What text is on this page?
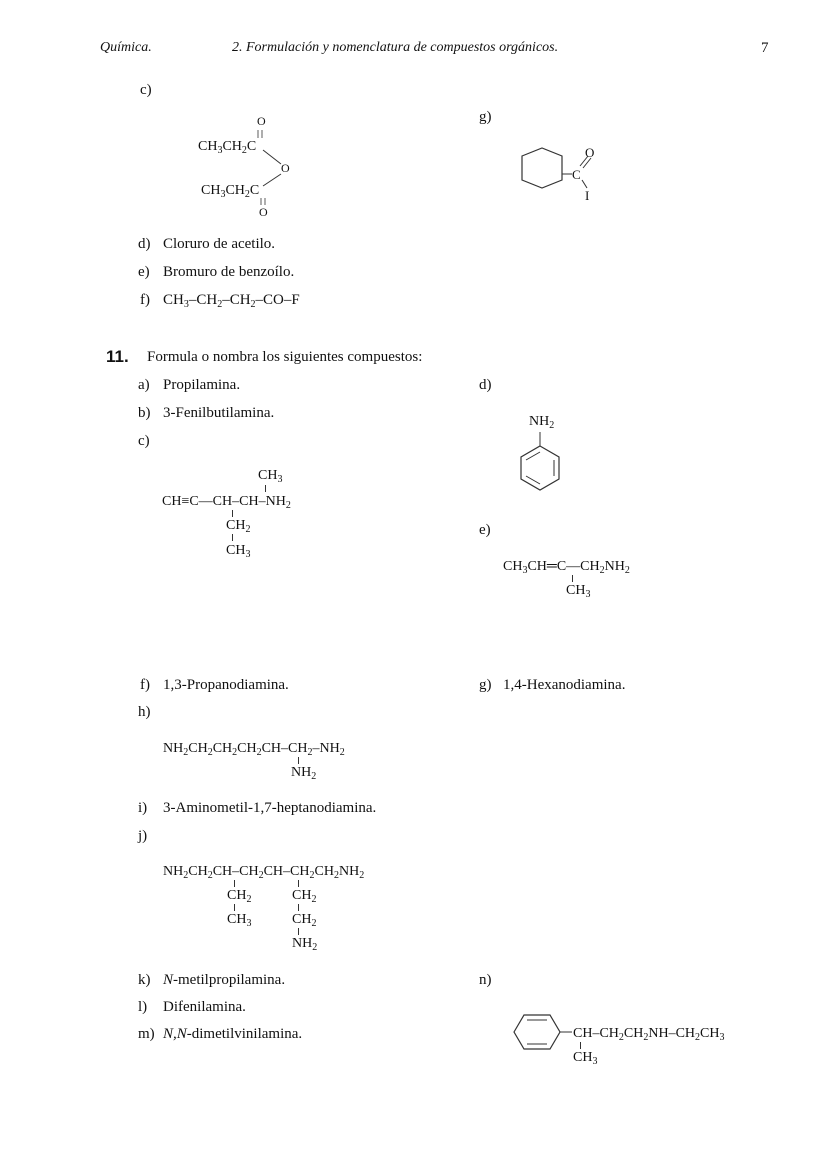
Química.	2. Formulación y nomenclatura de compuestos orgánicos.	7
c)
O
$CH_3CH_2C$
O
$CH_3CH_2C$
O
g)
C
O
I
d) Cloruro de acetilo.
e) Bromuro de benzoílo.
f) $CH_3-CH_2-CH_2-CO-F$
11. Formula o nombra los siguientes compuestos:
a) Propilamina.
b) 3-Fenilbutilamina.
c)
$CH_3$
$CH\equiv C—CH-CH-NH_2$
$CH_2$
$CH_3$
d)
$NH_2$
e)
$CH_3CH═C—CH_2NH_2$
$CH_3$
f) 1,3-Propanodiamina.	g) 1,4-Hexanodiamina.
h)
$NH_2CH_2CH_2CH_2CH-CH_2-NH_2$
$NH_2$
i) 3-Aminometil-1,7-heptanodiamina.
j)
$NH_2CH_2CH-CH_2CH-CH_2CH_2NH_2$
$CH_2$
$CH_3$
$CH_2$
$CH_2$
$NH_2$
k) N-metilpropilamina.
l) Difenilamina.
m) N,N-dimetilvinilamina.
n)
$CH-CH_2CH_2NH-CH_2CH_3$
$CH_3$
